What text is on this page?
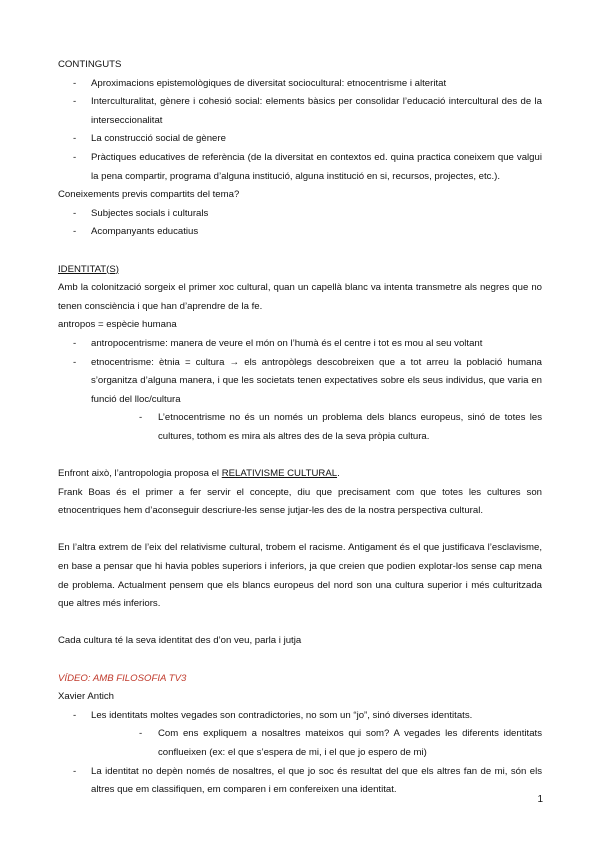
CONTINGUTS

- Aproximacions epistemològiques de diversitat sociocultural: etnocentrisme i alteritat
- Interculturalitat, gènere i cohesió social: elements bàsics per consolidar l’educació intercultural des de la interseccionalitat
- La construcció social de gènere
- Pràctiques educatives de referència (de la diversitat en contextos ed. quina practica coneixem que valgui la pena compartir, programa d’alguna institució, alguna institució en si, recursos, projectes, etc.).

Coneixements previs compartits del tema?

- Subjectes socials i culturals
- Acompanyants educatius

IDENTITAT(S)

Amb la colonització sorgeix el primer xoc cultural, quan un capellà blanc va intenta transmetre als negres que no tenen consciència i que han d’aprendre de la fe.

antropos = espècie humana

- antropocentrisme: manera de veure el món on l’humà és el centre i tot es mou al seu voltant
- etnocentrisme: ètnia = cultura → els antropòlegs descobreixen que a tot arreu la població humana s’organitza d’alguna manera, i que les societats tenen expectatives sobre els seus individus, que varia en funció del lloc/cultura
- L’etnocentrisme no és un només un problema dels blancs europeus, sinó de totes les cultures, tothom es mira als altres des de la seva pròpia cultura.

Enfront això, l’antropologia proposa el RELATIVISME CULTURAL.

Frank Boas és el primer a fer servir el concepte, diu que precisament com que totes les cultures son etnocentriques hem d’aconseguir descriure-les sense jutjar-les des de la nostra perspectiva cultural.

En l’altra extrem de l’eix del relativisme cultural, trobem el racisme. Antigament és el que justificava l’esclavisme, en base a pensar que hi havia pobles superiors i inferiors, ja que creien que podien explotar-los sense cap mena de problema. Actualment pensem que els blancs europeus del nord son una cultura superior i més culturitzada que altres més inferiors.

Cada cultura té la seva identitat des d’on veu, parla i jutja

VÍDEO: AMB FILOSOFIA TV3

Xavier Antich

- Les identitats moltes vegades son contradictories, no som un “jo”, sinó diverses identitats.
- Com ens expliquem a nosaltres mateixos qui som? A vegades les diferents identitats conflueixen (ex: el que s’espera de mi, i el que jo espero de mi)
- La identitat no depèn només de nosaltres, el que jo soc és resultat del que els altres fan de mi, són els altres que em classifiquen, em comparen i em confereixen una identitat.
1
